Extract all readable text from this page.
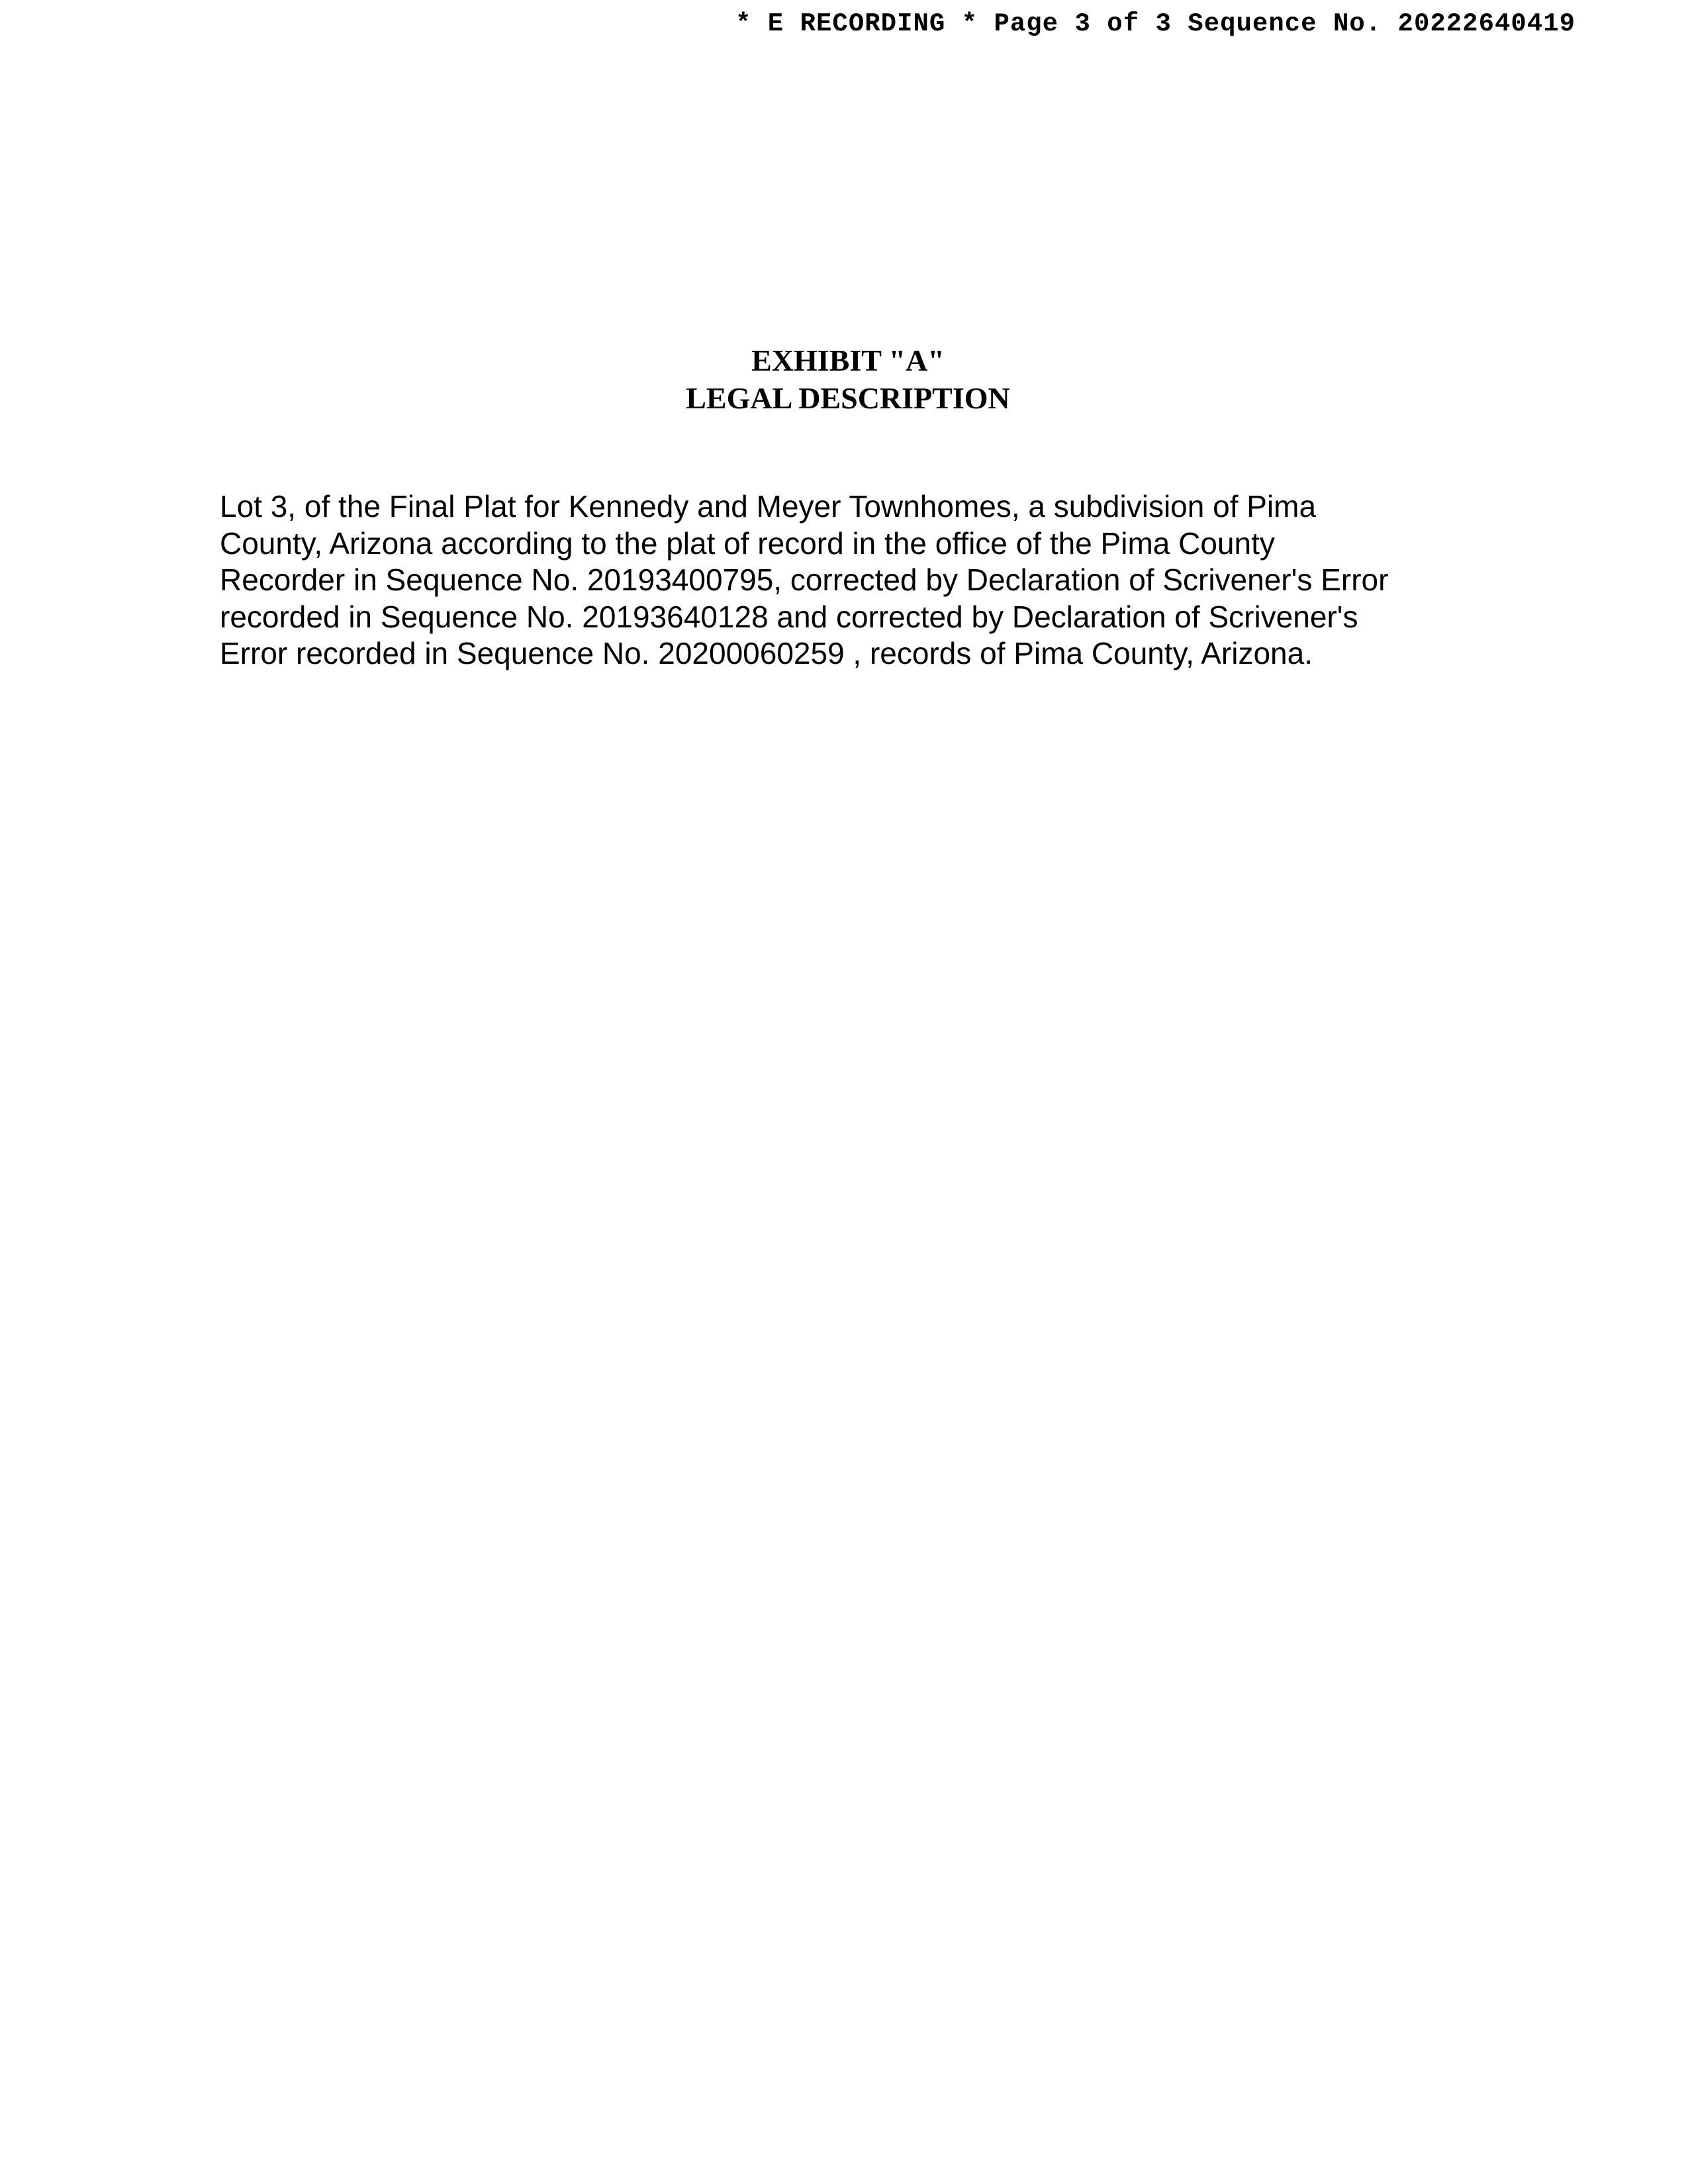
* E RECORDING * Page 3 of 3 Sequence No. 20222640419
EXHIBIT "A"
LEGAL DESCRIPTION
Lot 3, of the Final Plat for Kennedy and Meyer Townhomes, a subdivision of Pima
County, Arizona according to the plat of record in the office of the Pima County
Recorder in Sequence No. 20193400795, corrected by Declaration of Scrivener's Error
recorded in Sequence No. 20193640128 and corrected by Declaration of Scrivener's
Error recorded in Sequence No. 20200060259 , records of Pima County, Arizona.
